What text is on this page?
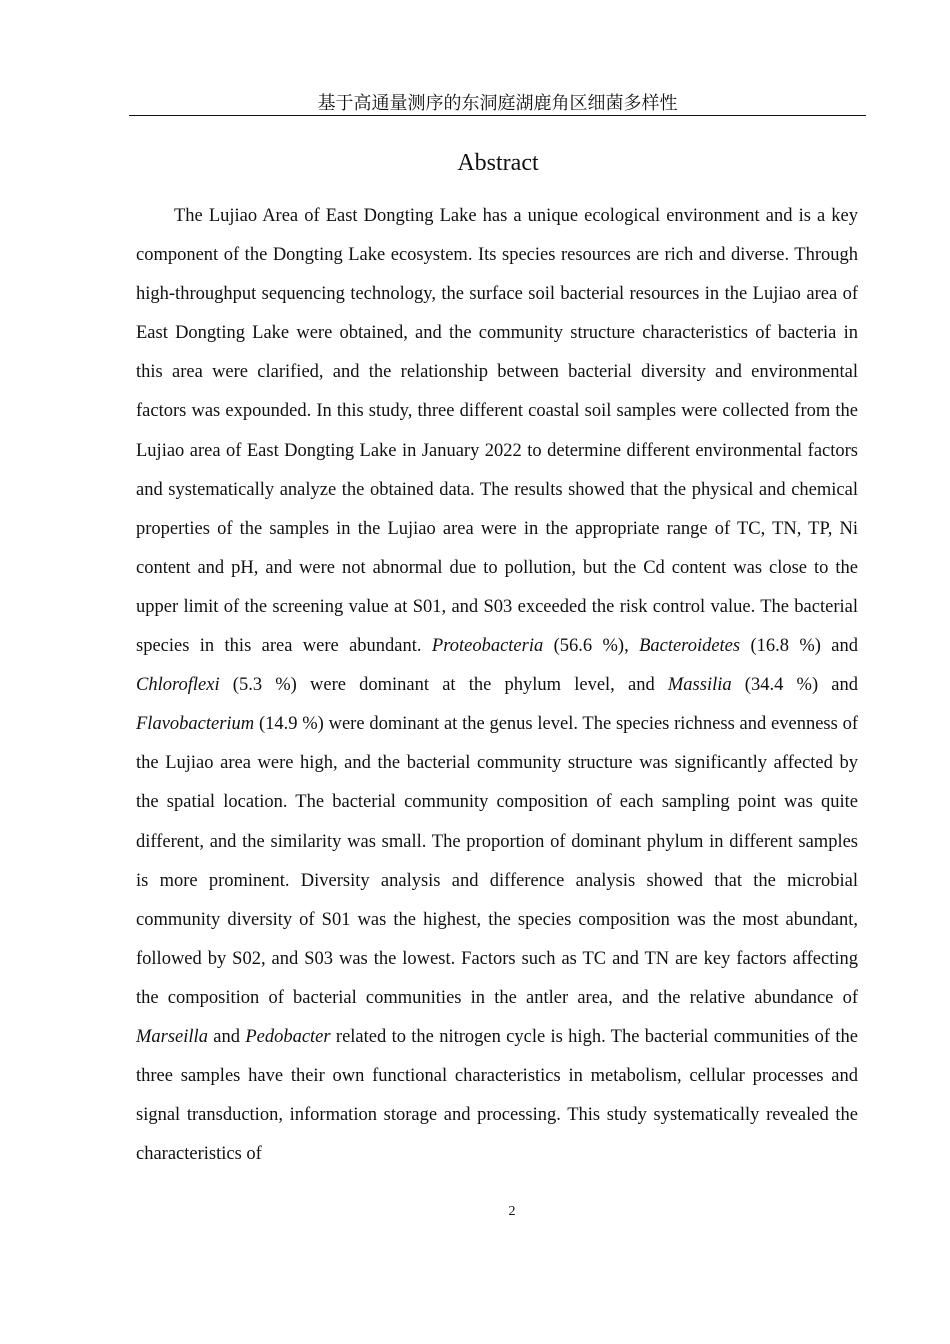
基于高通量测序的东洞庭湖鹿角区细菌多样性
Abstract

The Lujiao Area of East Dongting Lake has a unique ecological environment and is a key component of the Dongting Lake ecosystem. Its species resources are rich and diverse. Through high-throughput sequencing technology, the surface soil bacterial resources in the Lujiao area of East Dongting Lake were obtained, and the community structure characteristics of bacteria in this area were clarified, and the relationship between bacterial diversity and environmental factors was expounded. In this study, three different coastal soil samples were collected from the Lujiao area of East Dongting Lake in January 2022 to determine different environmental factors and systematically analyze the obtained data. The results showed that the physical and chemical properties of the samples in the Lujiao area were in the appropriate range of TC, TN, TP, Ni content and pH, and were not abnormal due to pollution, but the Cd content was close to the upper limit of the screening value at S01, and S03 exceeded the risk control value. The bacterial species in this area were abundant. Proteobacteria (56.6 %), Bacteroidetes (16.8 %) and Chloroflexi (5.3 %) were dominant at the phylum level, and Massilia (34.4 %) and Flavobacterium (14.9 %) were dominant at the genus level. The species richness and evenness of the Lujiao area were high, and the bacterial community structure was significantly affected by the spatial location. The bacterial community composition of each sampling point was quite different, and the similarity was small. The proportion of dominant phylum in different samples is more prominent. Diversity analysis and difference analysis showed that the microbial community diversity of S01 was the highest, the species composition was the most abundant, followed by S02, and S03 was the lowest. Factors such as TC and TN are key factors affecting the composition of bacterial communities in the antler area, and the relative abundance of Marseilla and Pedobacter related to the nitrogen cycle is high. The bacterial communities of the three samples have their own functional characteristics in metabolism, cellular processes and signal transduction, information storage and processing. This study systematically revealed the characteristics of

2
